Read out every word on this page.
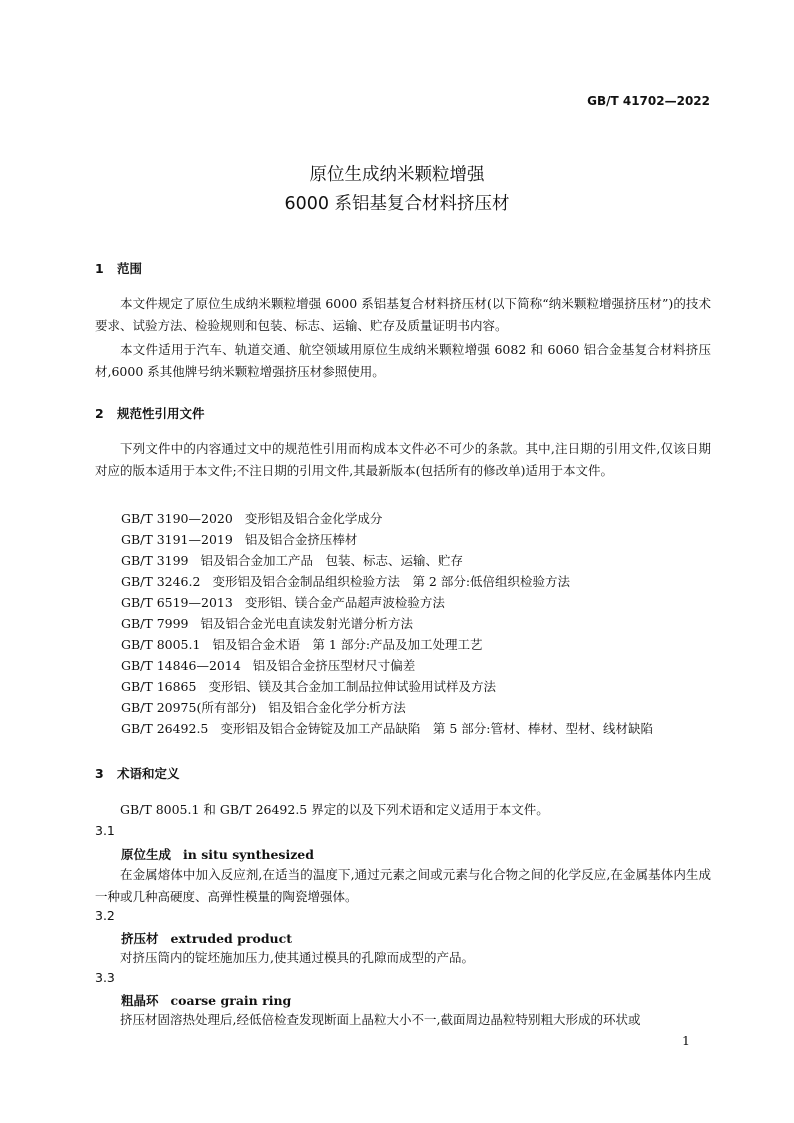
GB/T 41702—2022
原位生成纳米颗粒增强
6000 系铝基复合材料挤压材
1 范围
本文件规定了原位生成纳米颗粒增强 6000 系铝基复合材料挤压材(以下简称“纳米颗粒增强挤压材”)的技术要求、试验方法、检验规则和包装、标志、运输、贮存及质量证明书内容。
本文件适用于汽车、轨道交通、航空领域用原位生成纳米颗粒增强 6082 和 6060 铝合金基复合材料挤压材,6000 系其他牌号纳米颗粒增强挤压材参照使用。
2 规范性引用文件
下列文件中的内容通过文中的规范性引用而构成本文件必不可少的条款。其中,注日期的引用文件,仅该日期对应的版本适用于本文件;不注日期的引用文件,其最新版本(包括所有的修改单)适用于本文件。
GB/T 3190—2020 变形铝及铝合金化学成分
GB/T 3191—2019 铝及铝合金挤压棒材
GB/T 3199 铝及铝合金加工产品　包装、标志、运输、贮存
GB/T 3246.2 变形铝及铝合金制品组织检验方法　第 2 部分:低倍组织检验方法
GB/T 6519—2013 变形铝、镁合金产品超声波检验方法
GB/T 7999 铝及铝合金光电直读发射光谱分析方法
GB/T 8005.1 铝及铝合金术语　第 1 部分:产品及加工处理工艺
GB/T 14846—2014 铝及铝合金挤压型材尺寸偏差
GB/T 16865 变形铝、镁及其合金加工制品拉伸试验用试样及方法
GB/T 20975(所有部分) 铝及铝合金化学分析方法
GB/T 26492.5 变形铝及铝合金铸锭及加工产品缺陷　第 5 部分:管材、棒材、型材、线材缺陷
3 术语和定义
GB/T 8005.1 和 GB/T 26492.5 界定的以及下列术语和定义适用于本文件。
3.1
原位生成 in situ synthesized
在金属熔体中加入反应剂,在适当的温度下,通过元素之间或元素与化合物之间的化学反应,在金属基体内生成一种或几种高硬度、高弹性模量的陶瓷增强体。
3.2
挤压材 extruded product
对挤压筒内的锭坯施加压力,使其通过模具的孔隙而成型的产品。
3.3
粗晶环 coarse grain ring
挤压材固溶热处理后,经低倍检查发现断面上晶粒大小不一,截面周边晶粒特别粗大形成的环状或
1
